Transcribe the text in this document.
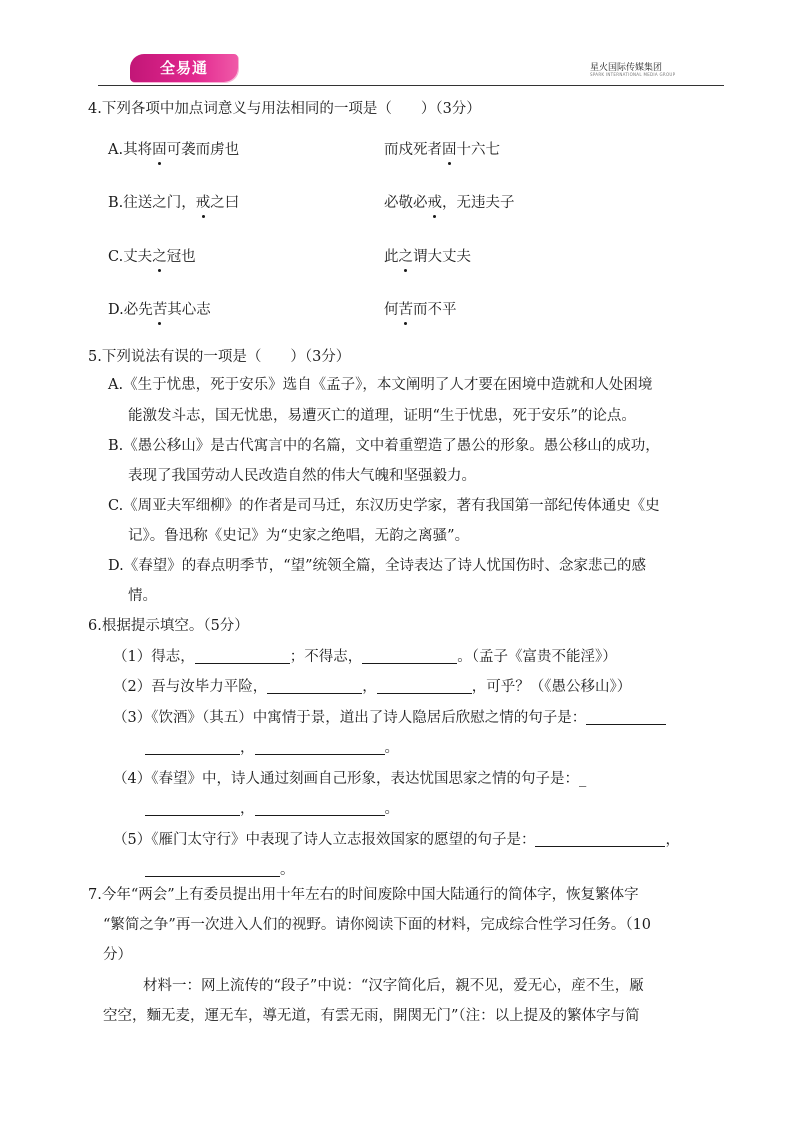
全易通	星火国际传媒集团
SPARK INTERNATIONAL MEDIA GROUP
4.下列各项中加点词意义与用法相同的一项是（　　）（3分）
A.其将固可袭而虏也	而戍死者固十六七
B.往送之门，戒之曰	必敬必戒，无违夫子
C.丈夫之冠也	此之谓大丈夫
D.必先苦其心志	何苦而不平
5.下列说法有误的一项是（　　）（3分）
A.《生于忧患，死于安乐》选自《孟子》，本文阐明了人才要在困境中造就和人处困境
能激发斗志，国无忧患，易遭灭亡的道理，证明“生于忧患，死于安乐”的论点。
B.《愚公移山》是古代寓言中的名篇，文中着重塑造了愚公的形象。愚公移山的成功，
表现了我国劳动人民改造自然的伟大气魄和坚强毅力。
C.《周亚夫军细柳》的作者是司马迁，东汉历史学家，著有我国第一部纪传体通史《史
记》。鲁迅称《史记》为“史家之绝唱，无韵之离骚”。
D.《春望》的春点明季节，“望”统领全篇，全诗表达了诗人忧国伤时、念家悲己的感
情。
6.根据提示填空。（5分）
（1）得志，	；不得志，	。（孟子《富贵不能淫》）
（2）吾与汝毕力平险，	，	，可乎？（《愚公移山》）
（3）《饮酒》（其五）中寓情于景，道出了诗人隐居后欣慰之情的句子是：
，	。
（4）《春望》中，诗人通过刻画自己形象，表达忧国思家之情的句子是：_
，	。
（5）《雁门太守行》中表现了诗人立志报效国家的愿望的句子是：	，
。
7.今年“两会”上有委员提出用十年左右的时间废除中国大陆通行的简体字，恢复繁体字
“繁简之争”再一次进入人们的视野。请你阅读下面的材料，完成综合性学习任务。（10
分）
材料一：网上流传的“段子”中说：“汉字简化后，親不见，爱无心，産不生，厰
空空，麵无麦，運无车，導无道，有雲无雨，開関无门”（注：以上提及的繁体字与简
